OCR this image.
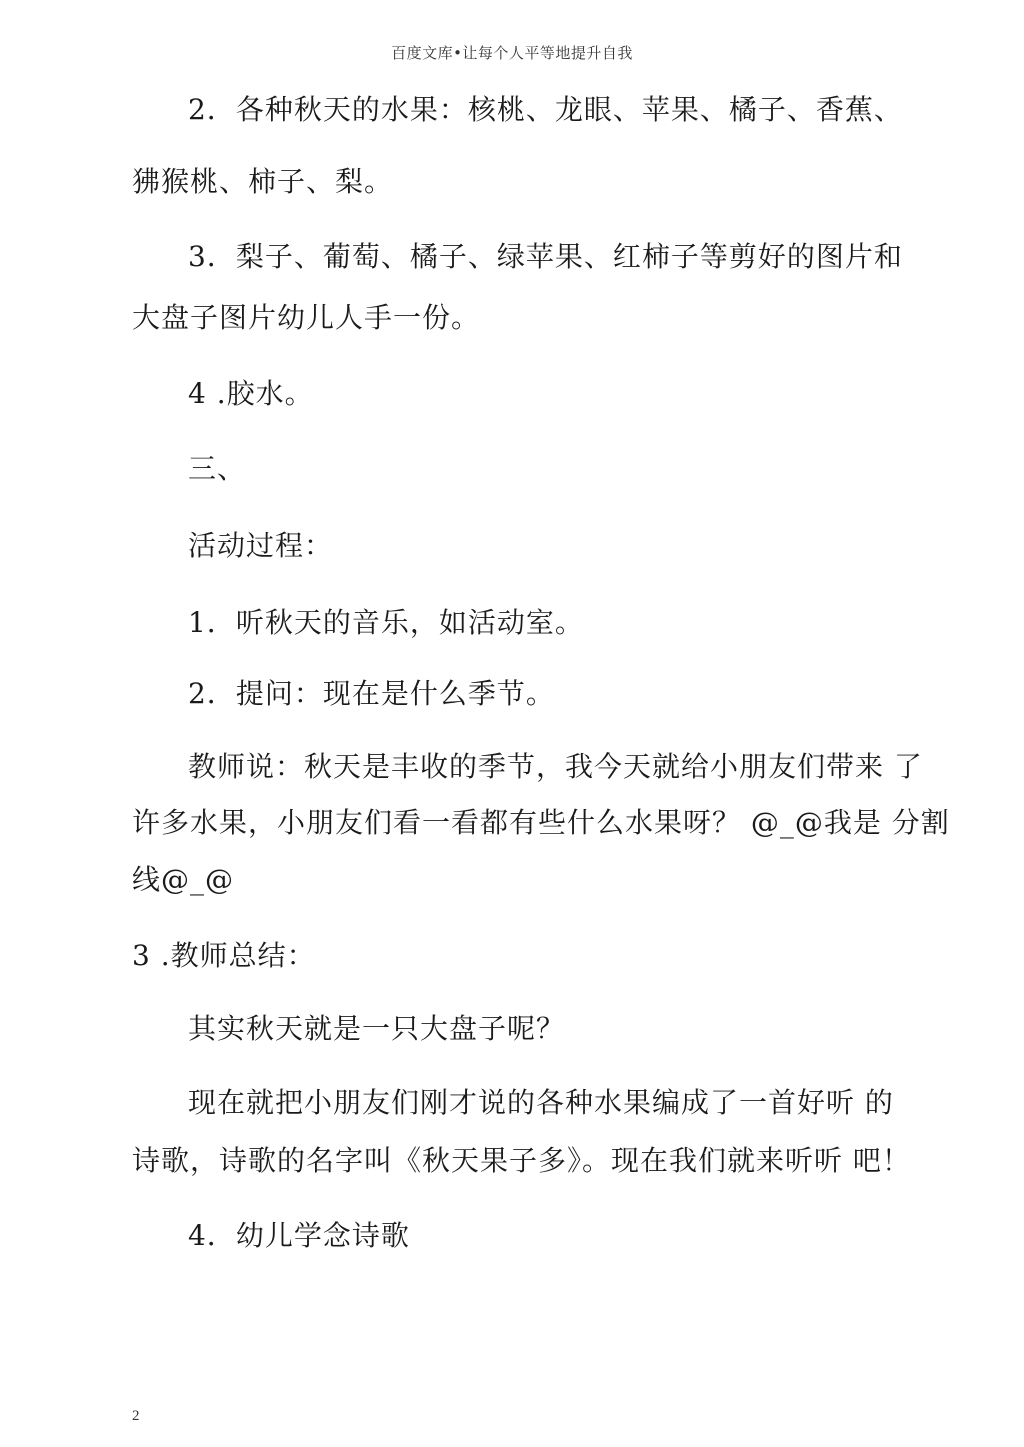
百度文库•让每个人平等地提升自我
2．各种秋天的水果：核桃、龙眼、苹果、橘子、香蕉、
狒猴桃、柿子、梨。
3．梨子、葡萄、橘子、绿苹果、红柿子等剪好的图片和
大盘子图片幼儿人手一份。
4 .胶水。
三、
活动过程：
1．听秋天的音乐，如活动室。
2．提问：现在是什么季节。
教师说：秋天是丰收的季节，我今天就给小朋友们带来 了
许多水果，小朋友们看一看都有些什么水果呀？ @_@我是 分割
线@_@
3 .教师总结：
其实秋天就是一只大盘子呢？
现在就把小朋友们刚才说的各种水果编成了一首好听 的
诗歌，诗歌的名字叫《秋天果子多》。现在我们就来听听 吧！
4．幼儿学念诗歌
2
